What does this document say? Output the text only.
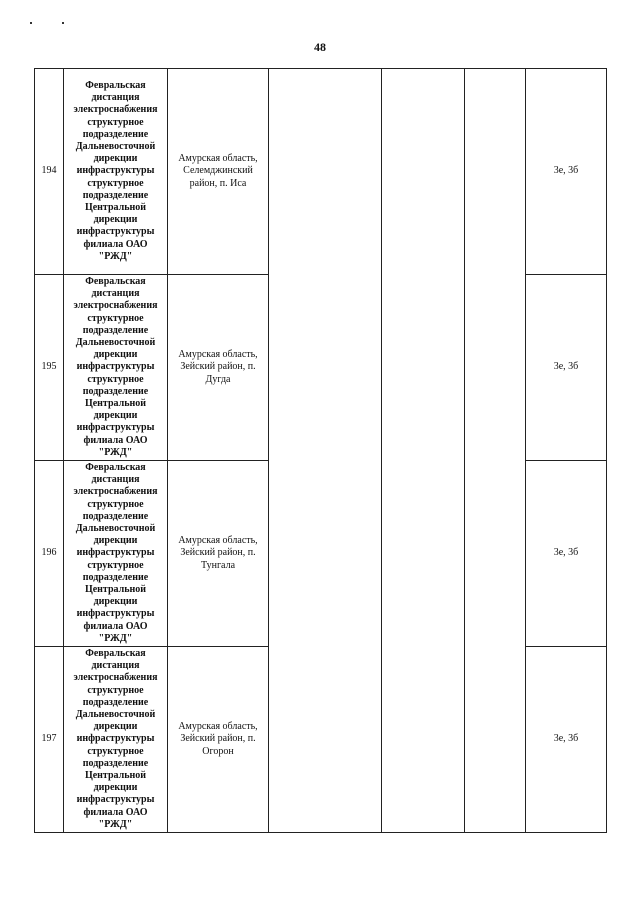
48
194	Февральская дистанция электроснабжения структурное подразделение Дальневосточной дирекции инфраструктуры структурное подразделение Центральной дирекции инфраструктуры филиала ОАО "РЖД"	Амурская область, Селемджинский район, п. Иса				3е, 3б
195	Февральская дистанция электроснабжения структурное подразделение Дальневосточной дирекции инфраструктуры структурное подразделение Центральной дирекции инфраструктуры филиала ОАО "РЖД"	Амурская область, Зейский район, п. Дугда				3е, 3б
196	Февральская дистанция электроснабжения структурное подразделение Дальневосточной дирекции инфраструктуры структурное подразделение Центральной дирекции инфраструктуры филиала ОАО "РЖД"	Амурская область, Зейский район, п. Тунгала				3е, 3б
197	Февральская дистанция электроснабжения структурное подразделение Дальневосточной дирекции инфраструктуры структурное подразделение Центральной дирекции инфраструктуры филиала ОАО "РЖД"	Амурская область, Зейский район, п. Огорон				3е, 3б
